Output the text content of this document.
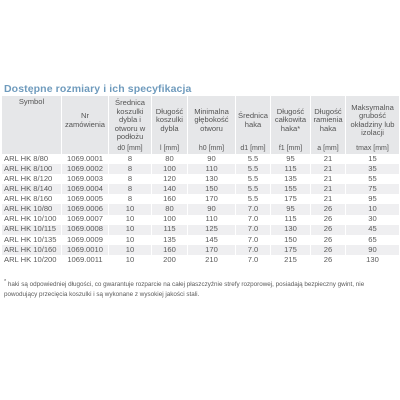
Dostępne rozmiary i ich specyfikacja
Symbol	Nr zamówienia	Średnica koszulki dybla i otworu w podłożu	Długość koszulki dybla	Minimalna głębokość otworu	Średnica haka	Długość całkowita haka*	Długość ramienia haka	Maksymalna grubość okładziny lub izolacji
		d0 [mm]	l [mm]	h0 [mm]	d1 [mm]	f1 [mm]	a [mm]	tmax [mm]
ARL HK 8/80	1069.0001	8	80	90	5.5	95	21	15
ARL HK 8/100	1069.0002	8	100	110	5.5	115	21	35
ARL HK 8/120	1069.0003	8	120	130	5.5	135	21	55
ARL HK 8/140	1069.0004	8	140	150	5.5	155	21	75
ARL HK 8/160	1069.0005	8	160	170	5.5	175	21	95
ARL HK 10/80	1069.0006	10	80	90	7.0	95	26	10
ARL HK 10/100	1069.0007	10	100	110	7.0	115	26	30
ARL HK 10/115	1069.0008	10	115	125	7.0	130	26	45
ARL HK 10/135	1069.0009	10	135	145	7.0	150	26	65
ARL HK 10/160	1069.0010	10	160	170	7.0	175	26	90
ARL HK 10/200	1069.0011	10	200	210	7.0	215	26	130
* haki są odpowiedniej długości, co gwarantuje rozparcie na całej płaszczyźnie strefy rozporowej, posiadają bezpieczny gwint, nie powodujący przecięcia koszulki i są wykonane z wysokiej jakości stali.
